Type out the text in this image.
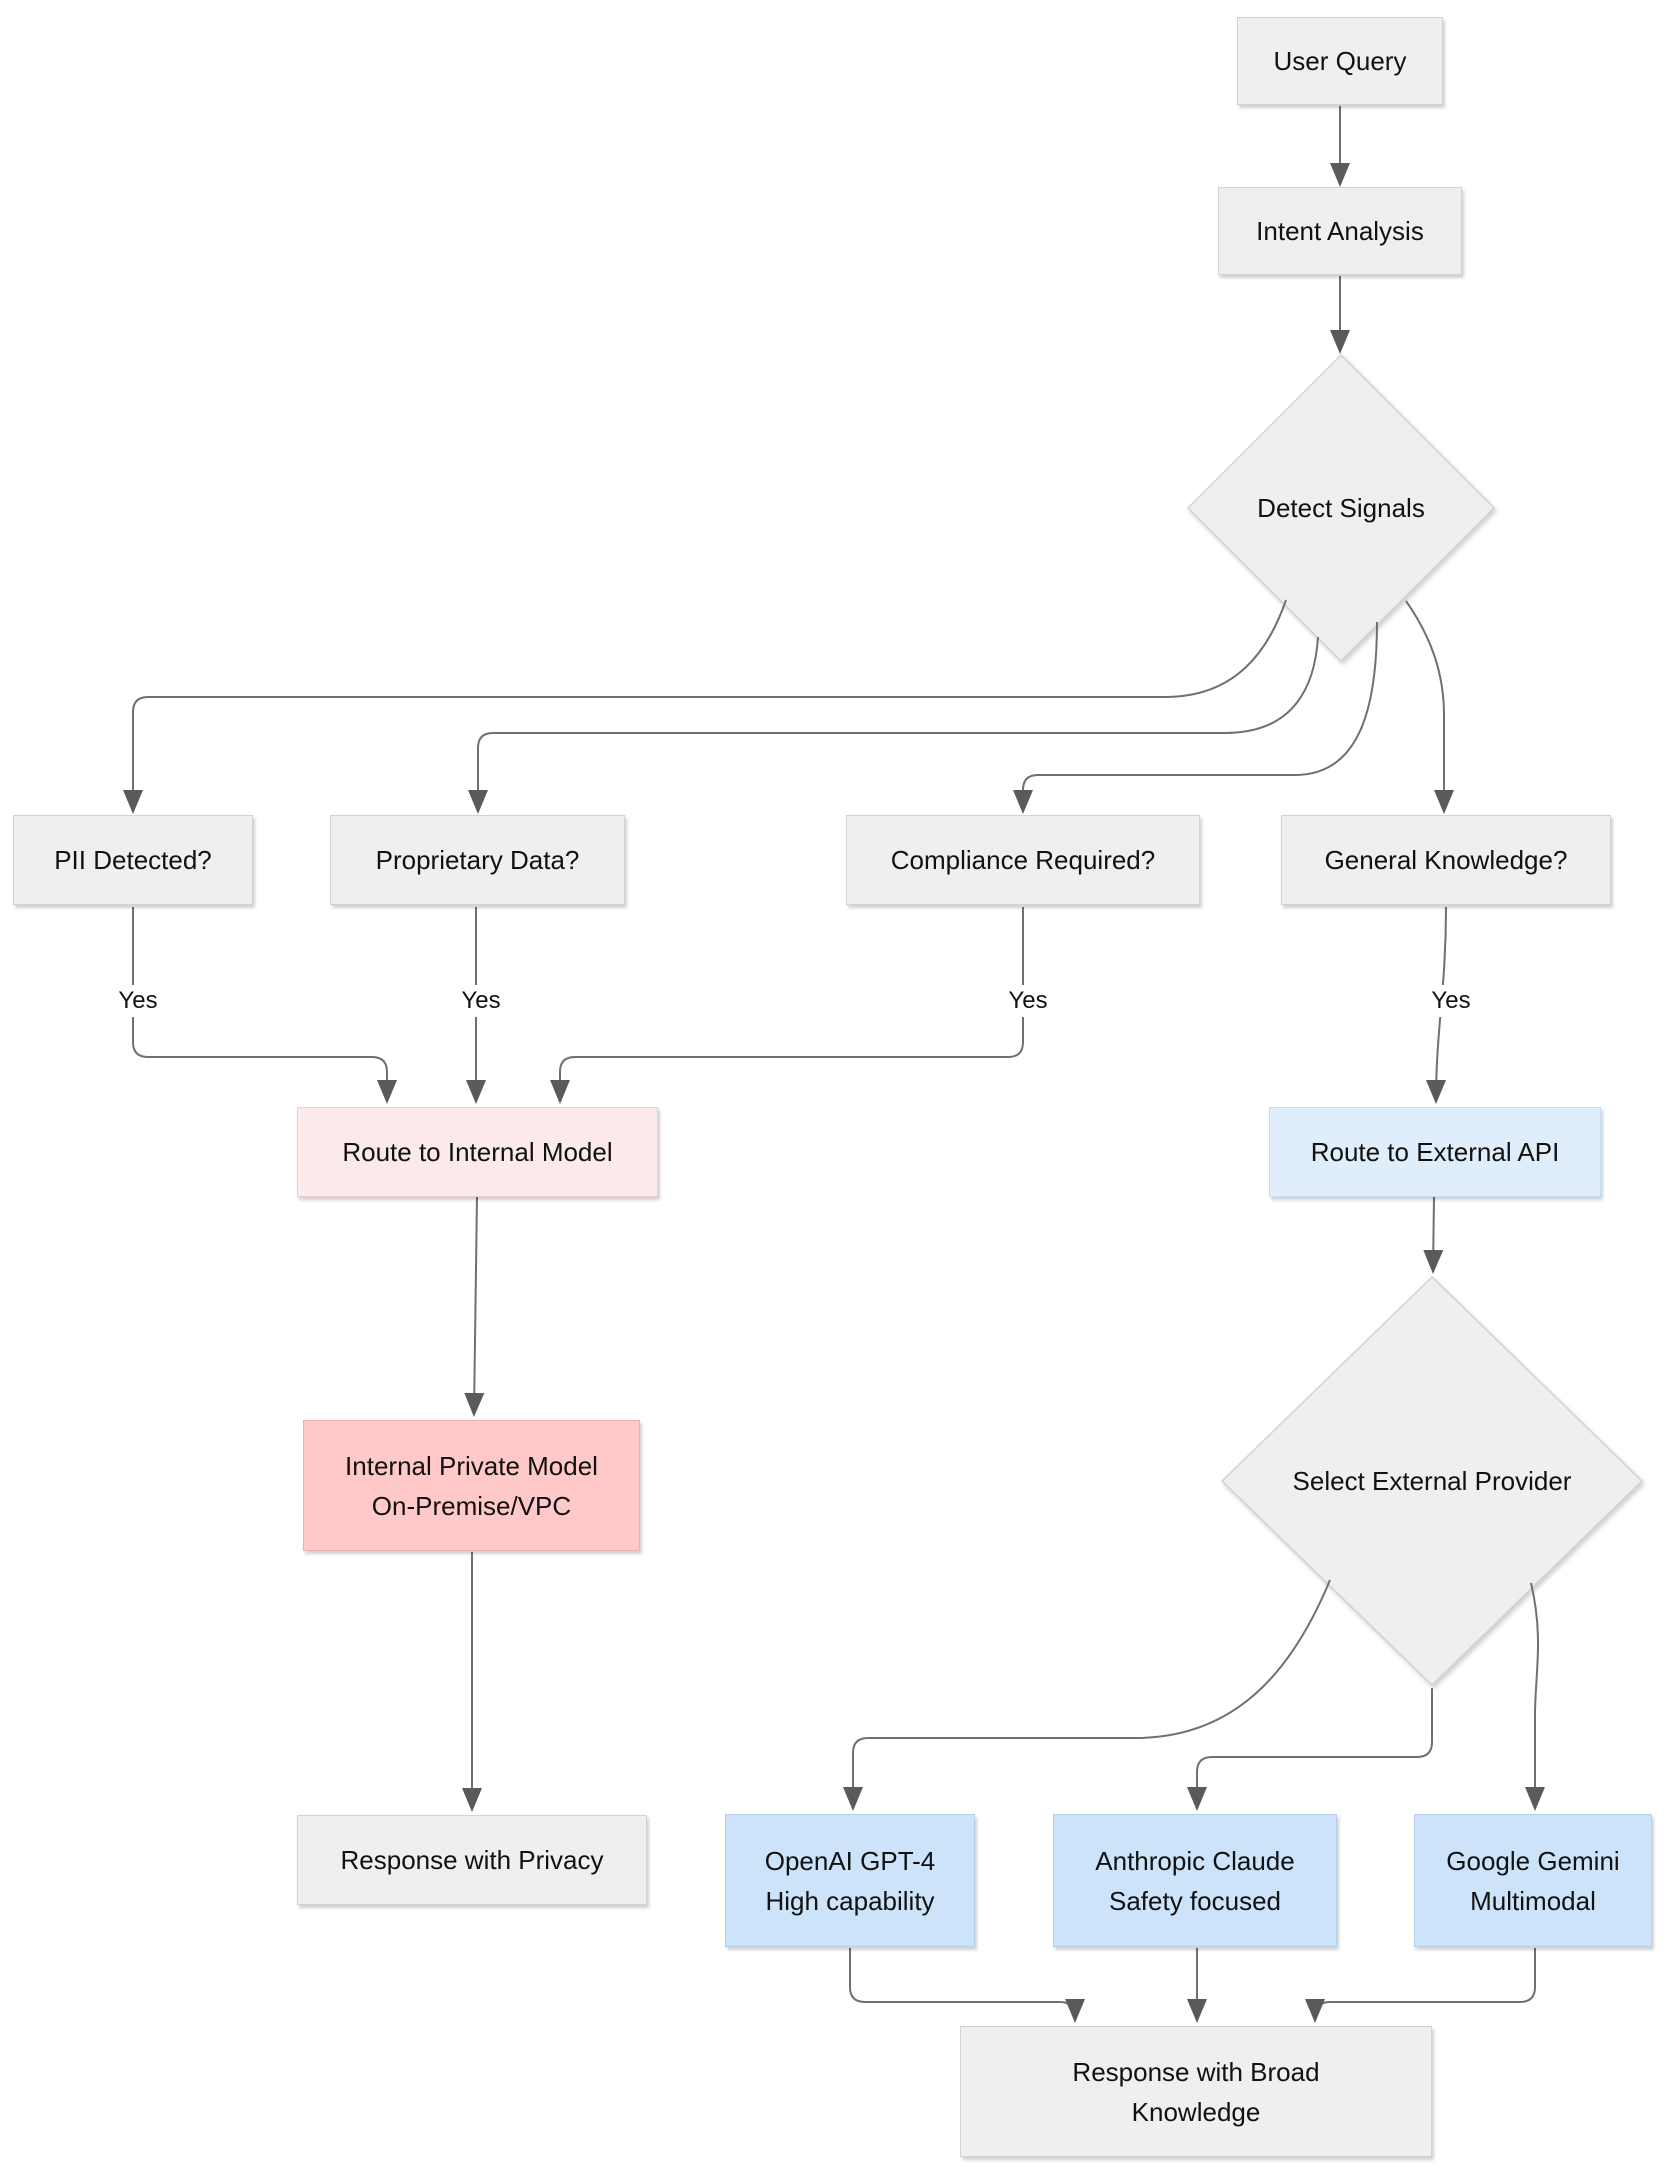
User Query
Intent Analysis
PII Detected?	Proprietary Data?	Compliance Required?	General Knowledge?
Route to Internal Model	Route to External API
Internal Private Model
On-Premise/VPC
OpenAI GPT-4
High capability
Anthropic Claude
Safety focused
Google Gemini
Multimodal
Response with Privacy
Response with Broad
Knowledge
Detect Signals
Select External Provider
Yes	Yes	Yes	Yes
